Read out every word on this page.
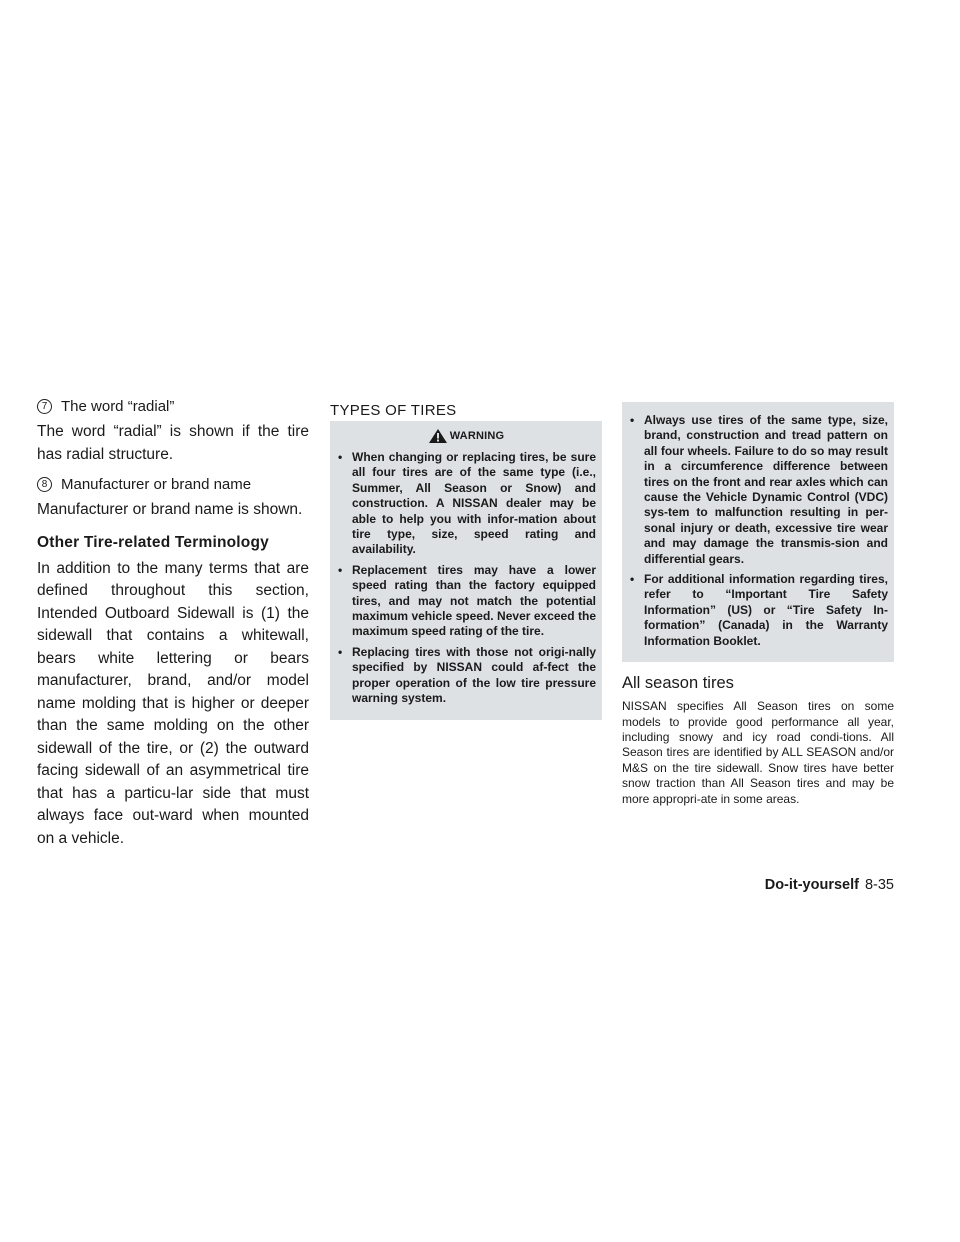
7 The word “radial”

The word “radial” is shown if the tire has radial structure.

8 Manufacturer or brand name

Manufacturer or brand name is shown.

Other Tire-related Terminology

In addition to the many terms that are defined throughout this section, Intended Outboard Sidewall is (1) the sidewall that contains a whitewall, bears white lettering or bears manufacturer, brand, and/or model name molding that is higher or deeper than the same molding on the other sidewall of the tire, or (2) the outward facing sidewall of an asymmetrical tire that has a particu-lar side that must always face out-ward when mounted on a vehicle.

TYPES OF TIRES
WARNING
• When changing or replacing tires, be sure all four tires are of the same type (i.e., Summer, All Season or Snow) and construction. A NISSAN dealer may be able to help you with infor-mation about tire type, size, speed rating and availability.
• Replacement tires may have a lower speed rating than the factory equipped tires, and may not match the potential maximum vehicle speed. Never exceed the maximum speed rating of the tire.
• Replacing tires with those not origi-nally specified by NISSAN could af-fect the proper operation of the low tire pressure warning system.
• Always use tires of the same type, size, brand, construction and tread pattern on all four wheels. Failure to do so may result in a circumference difference between tires on the front and rear axles which can cause the Vehicle Dynamic Control (VDC) sys-tem to malfunction resulting in per-sonal injury or death, excessive tire wear and may damage the transmis-sion and differential gears.
• For additional information regarding tires, refer to “Important Tire Safety Information” (US) or “Tire Safety In-formation” (Canada) in the Warranty Information Booklet.
All season tires

NISSAN specifies All Season tires on some models to provide good performance all year, including snowy and icy road condi-tions. All Season tires are identified by ALL SEASON and/or M&S on the tire sidewall. Snow tires have better snow traction than All Season tires and may be more appropri-ate in some areas.

Do-it-yourself 8-35
